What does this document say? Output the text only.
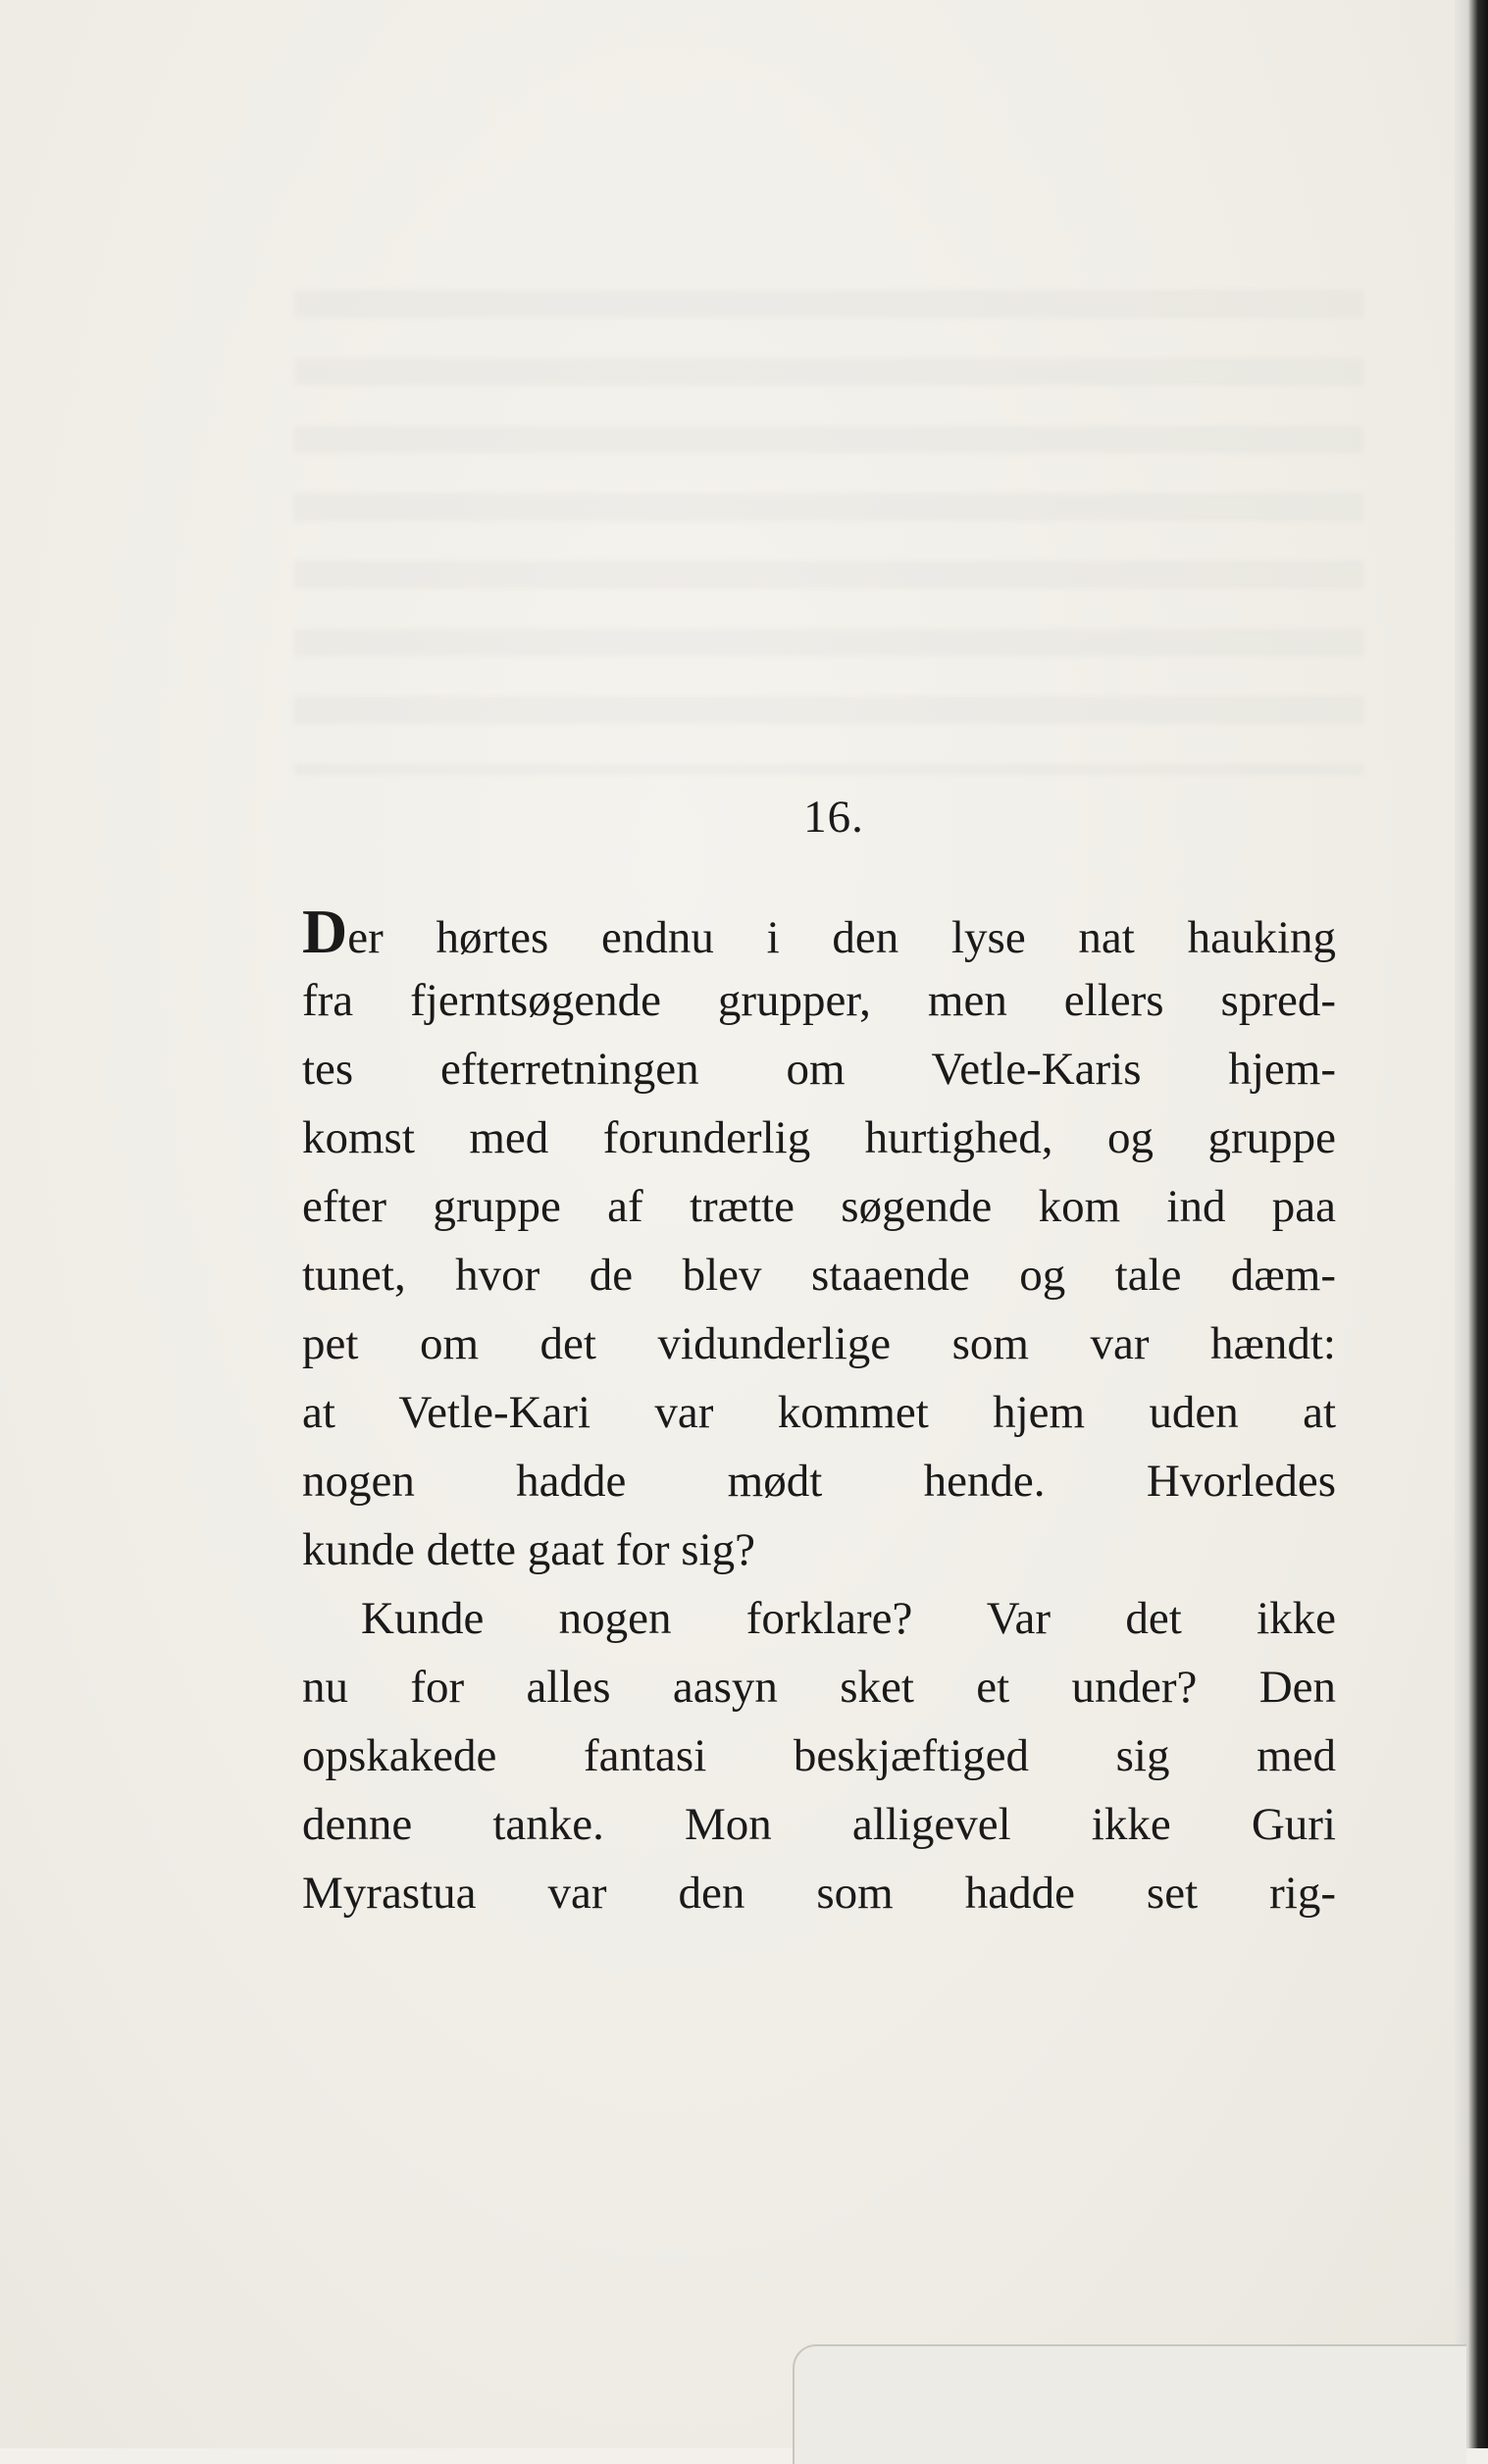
16.
Der hørtes endnu i den lyse nat hauking
fra fjerntsøgende grupper, men ellers spred-
tes efterretningen om Vetle-Karis hjem-
komst med forunderlig hurtighed, og gruppe
efter gruppe af trætte søgende kom ind paa
tunet, hvor de blev staaende og tale dæm-
pet om det vidunderlige som var hændt:
at Vetle-Kari var kommet hjem uden at
nogen hadde mødt hende. Hvorledes
kunde dette gaat for sig?
Kunde nogen forklare? Var det ikke
nu for alles aasyn sket et under? Den
opskakede fantasi beskjæftiged sig med
denne tanke. Mon alligevel ikke Guri
Myrastua var den som hadde set rig-
